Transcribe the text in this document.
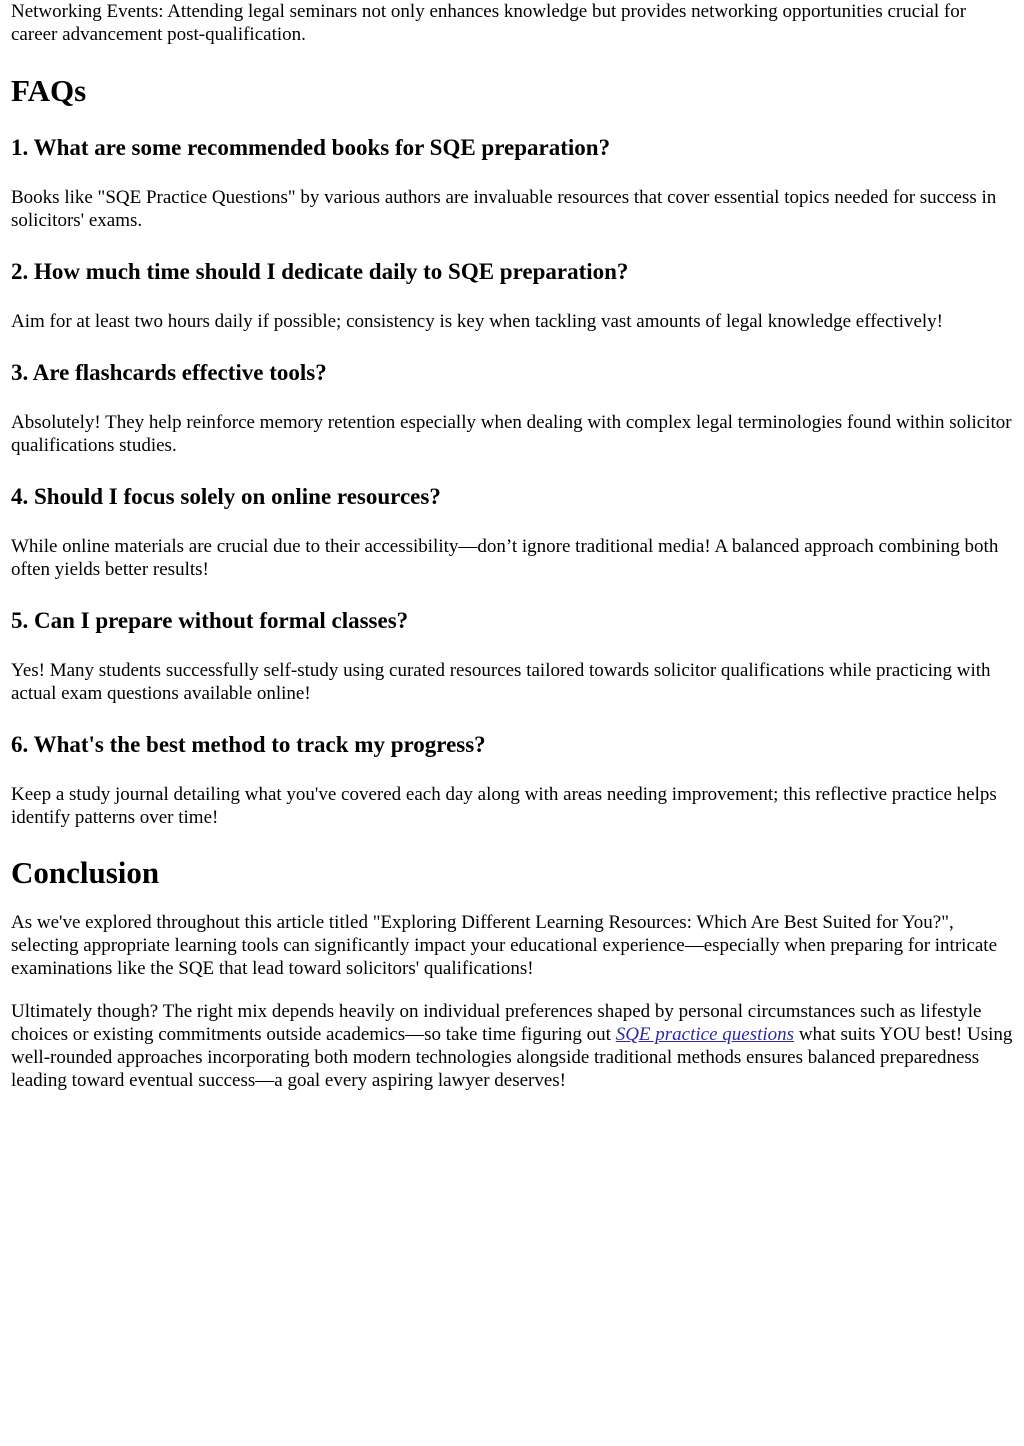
Networking Events: Attending legal seminars not only enhances knowledge but provides networking opportunities crucial for career advancement post-qualification.

FAQs
1. What are some recommended books for SQE preparation?

Books like "SQE Practice Questions" by various authors are invaluable resources that cover essential topics needed for success in solicitors' exams.

2. How much time should I dedicate daily to SQE preparation?

Aim for at least two hours daily if possible; consistency is key when tackling vast amounts of legal knowledge effectively!

3. Are flashcards effective tools?

Absolutely! They help reinforce memory retention especially when dealing with complex legal terminologies found within solicitor qualifications studies.

4. Should I focus solely on online resources?

While online materials are crucial due to their accessibility—don’t ignore traditional media! A balanced approach combining both often yields better results!

5. Can I prepare without formal classes?

Yes! Many students successfully self-study using curated resources tailored towards solicitor qualifications while practicing with actual exam questions available online!

6. What's the best method to track my progress?

Keep a study journal detailing what you've covered each day along with areas needing improvement; this reflective practice helps identify patterns over time!

Conclusion

As we've explored throughout this article titled "Exploring Different Learning Resources: Which Are Best Suited for You?", selecting appropriate learning tools can significantly impact your educational experience—especially when preparing for intricate examinations like the SQE that lead toward solicitors' qualifications!

Ultimately though? The right mix depends heavily on individual preferences shaped by personal circumstances such as lifestyle choices or existing commitments outside academics—so take time figuring out SQE practice questions what suits YOU best! Using well-rounded approaches incorporating both modern technologies alongside traditional methods ensures balanced preparedness leading toward eventual success—a goal every aspiring lawyer deserves!
